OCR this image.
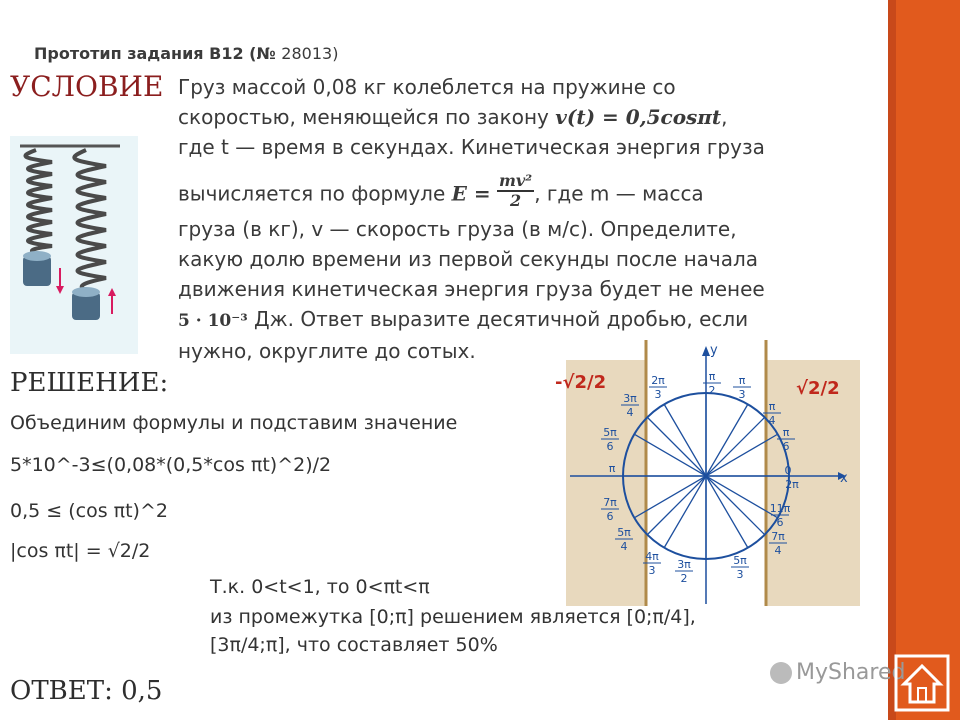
Прототип задания B12 (№ 28013)
УСЛОВИЕ Груз массой 0,08 кг колеблется на пружине со
скоростью, меняющейся по закону v(t) = 0,5cosπt,
где t — время в секундах. Кинетическая энергия груза
вычисляется по формуле $E = \frac{\text{mv²}}{2}$ , где m — масса
груза (в кг), v — скорость груза (в м/с). Определите,
какую долю времени из первой секунды после начала
движения кинетическая энергия груза будет не менее
5 · 10⁻³ Дж. Ответ выразите десятичной дробью, если
нужно, округлите до сотых.
РЕШЕНИЕ:
Объединим формулы и подставим значение
5*10^-3≤(0,08*(0,5*cos πt)^2)/2
0,5 ≤ (cos πt)^2
|cos πt| = √2/2
Т.к. 0<t<1, то 0<πt<π
из промежутка [0;π] решением является [0;π/4],
[3π/4;π], что составляет 50%
x
y
π
2
2π
3
π
3
3π
4	π
4
5π
6
π
6
π	0
2π
7π
6
11π
6
5π
4
7π
4
4π
3 3π
2
5π
3
-√2/2	√2/2
ОТВЕТ: 0,5
MyShared
